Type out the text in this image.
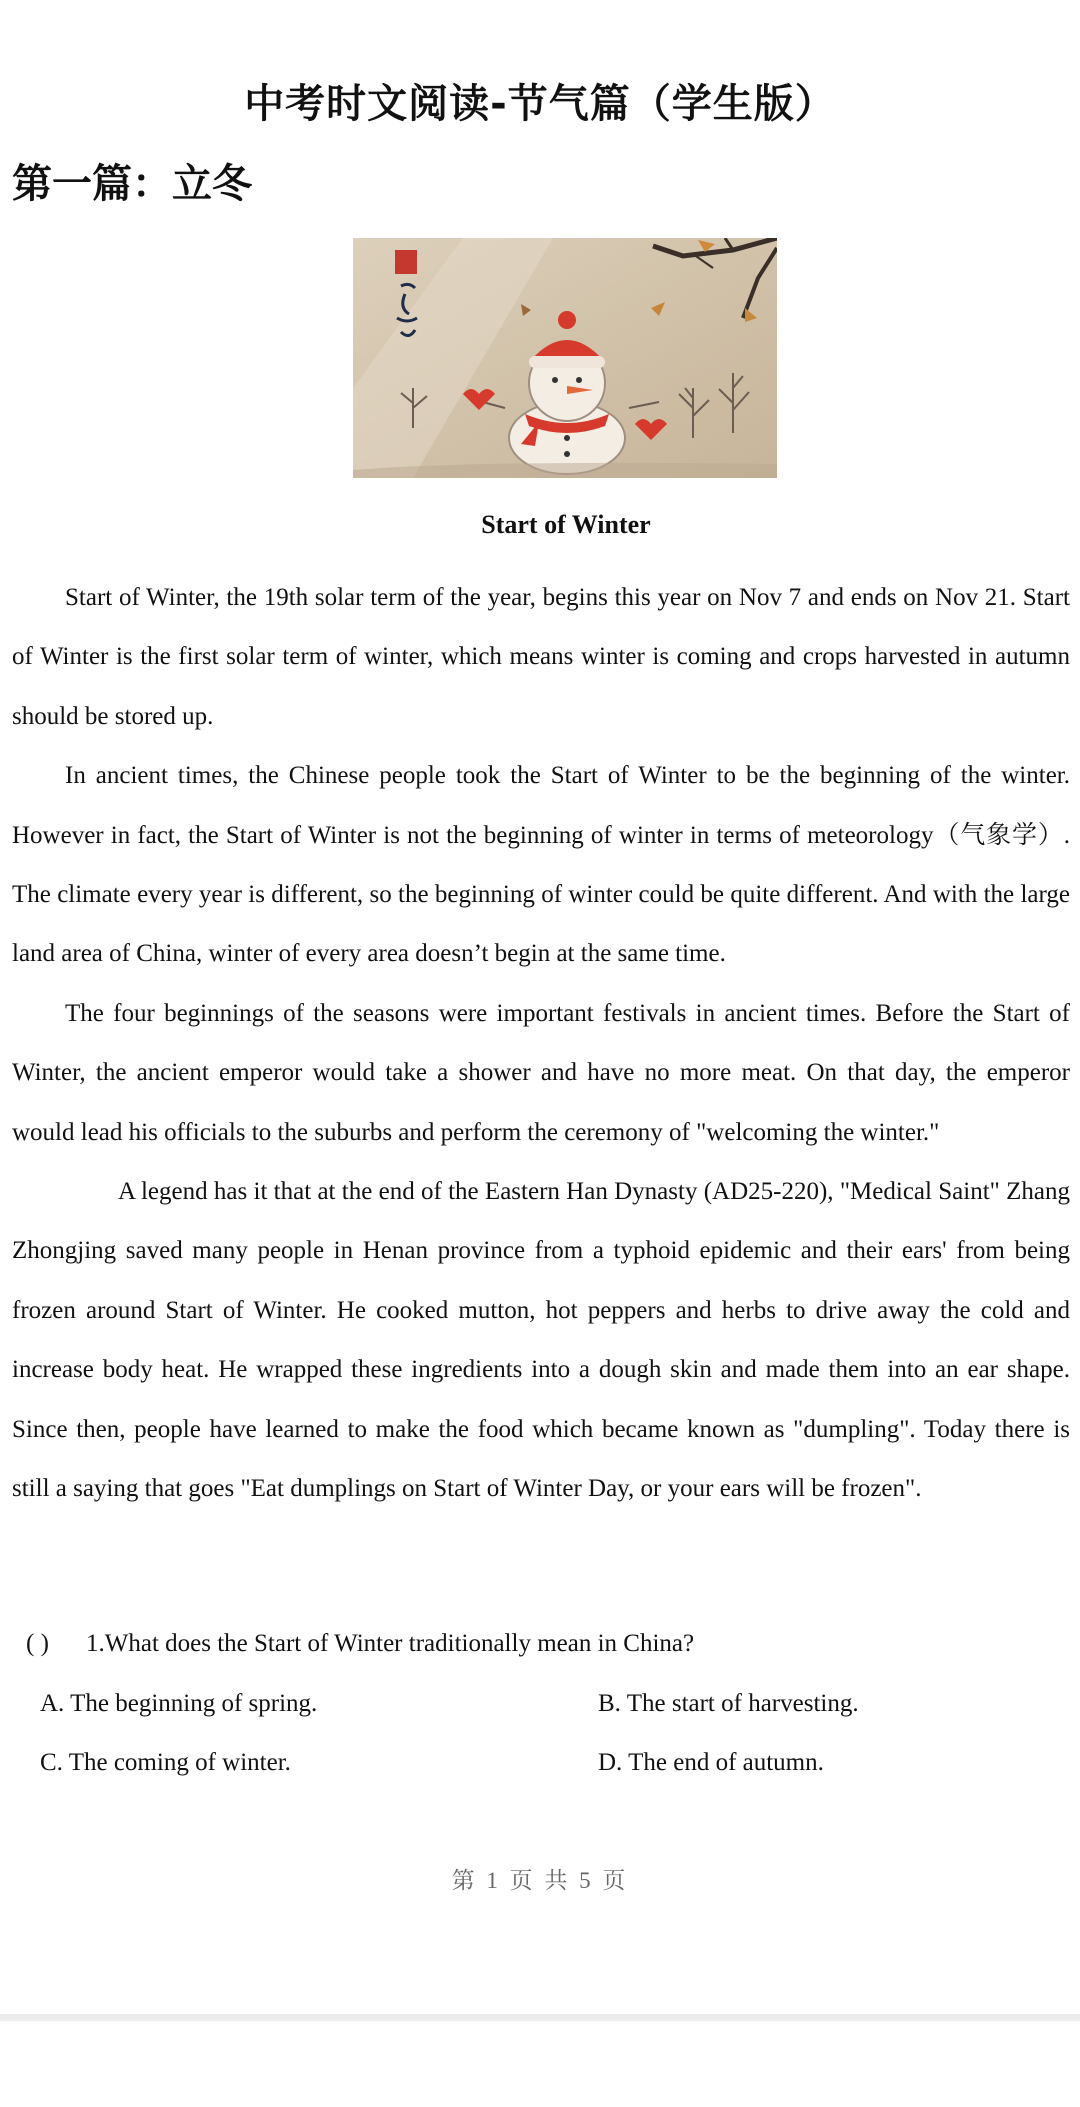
中考时文阅读-节气篇（学生版）
第一篇：立冬
Start of Winter

Start of Winter, the 19th solar term of the year, begins this year on Nov 7 and ends on Nov 21. Start of Winter is the first solar term of winter, which means winter is coming and crops harvested in autumn should be stored up.

In ancient times, the Chinese people took the Start of Winter to be the beginning of the winter. However in fact, the Start of Winter is not the beginning of winter in terms of meteorology（气象学）. The climate every year is different, so the beginning of winter could be quite different. And with the large land area of China, winter of every area doesn’t begin at the same time.

The four beginnings of the seasons were important festivals in ancient times. Before the Start of Winter, the ancient emperor would take a shower and have no more meat. On that day, the emperor would lead his officials to the suburbs and perform the ceremony of "welcoming the winter."

A legend has it that at the end of the Eastern Han Dynasty (AD25-220), "Medical Saint" Zhang Zhongjing saved many people in Henan province from a typhoid epidemic and their ears' from being frozen around Start of Winter. He cooked mutton, hot peppers and herbs to drive away the cold and increase body heat. He wrapped these ingredients into a dough skin and made them into an ear shape. Since then, people have learned to make the food which became known as "dumpling". Today there is still a saying that goes "Eat dumplings on Start of Winter Day, or your ears will be frozen".

( ) 1.What does the Start of Winter traditionally mean in China?
A. The beginning of spring.	B. The start of harvesting.
C. The coming of winter.	D. The end of autumn.
第 1 页 共 5 页
